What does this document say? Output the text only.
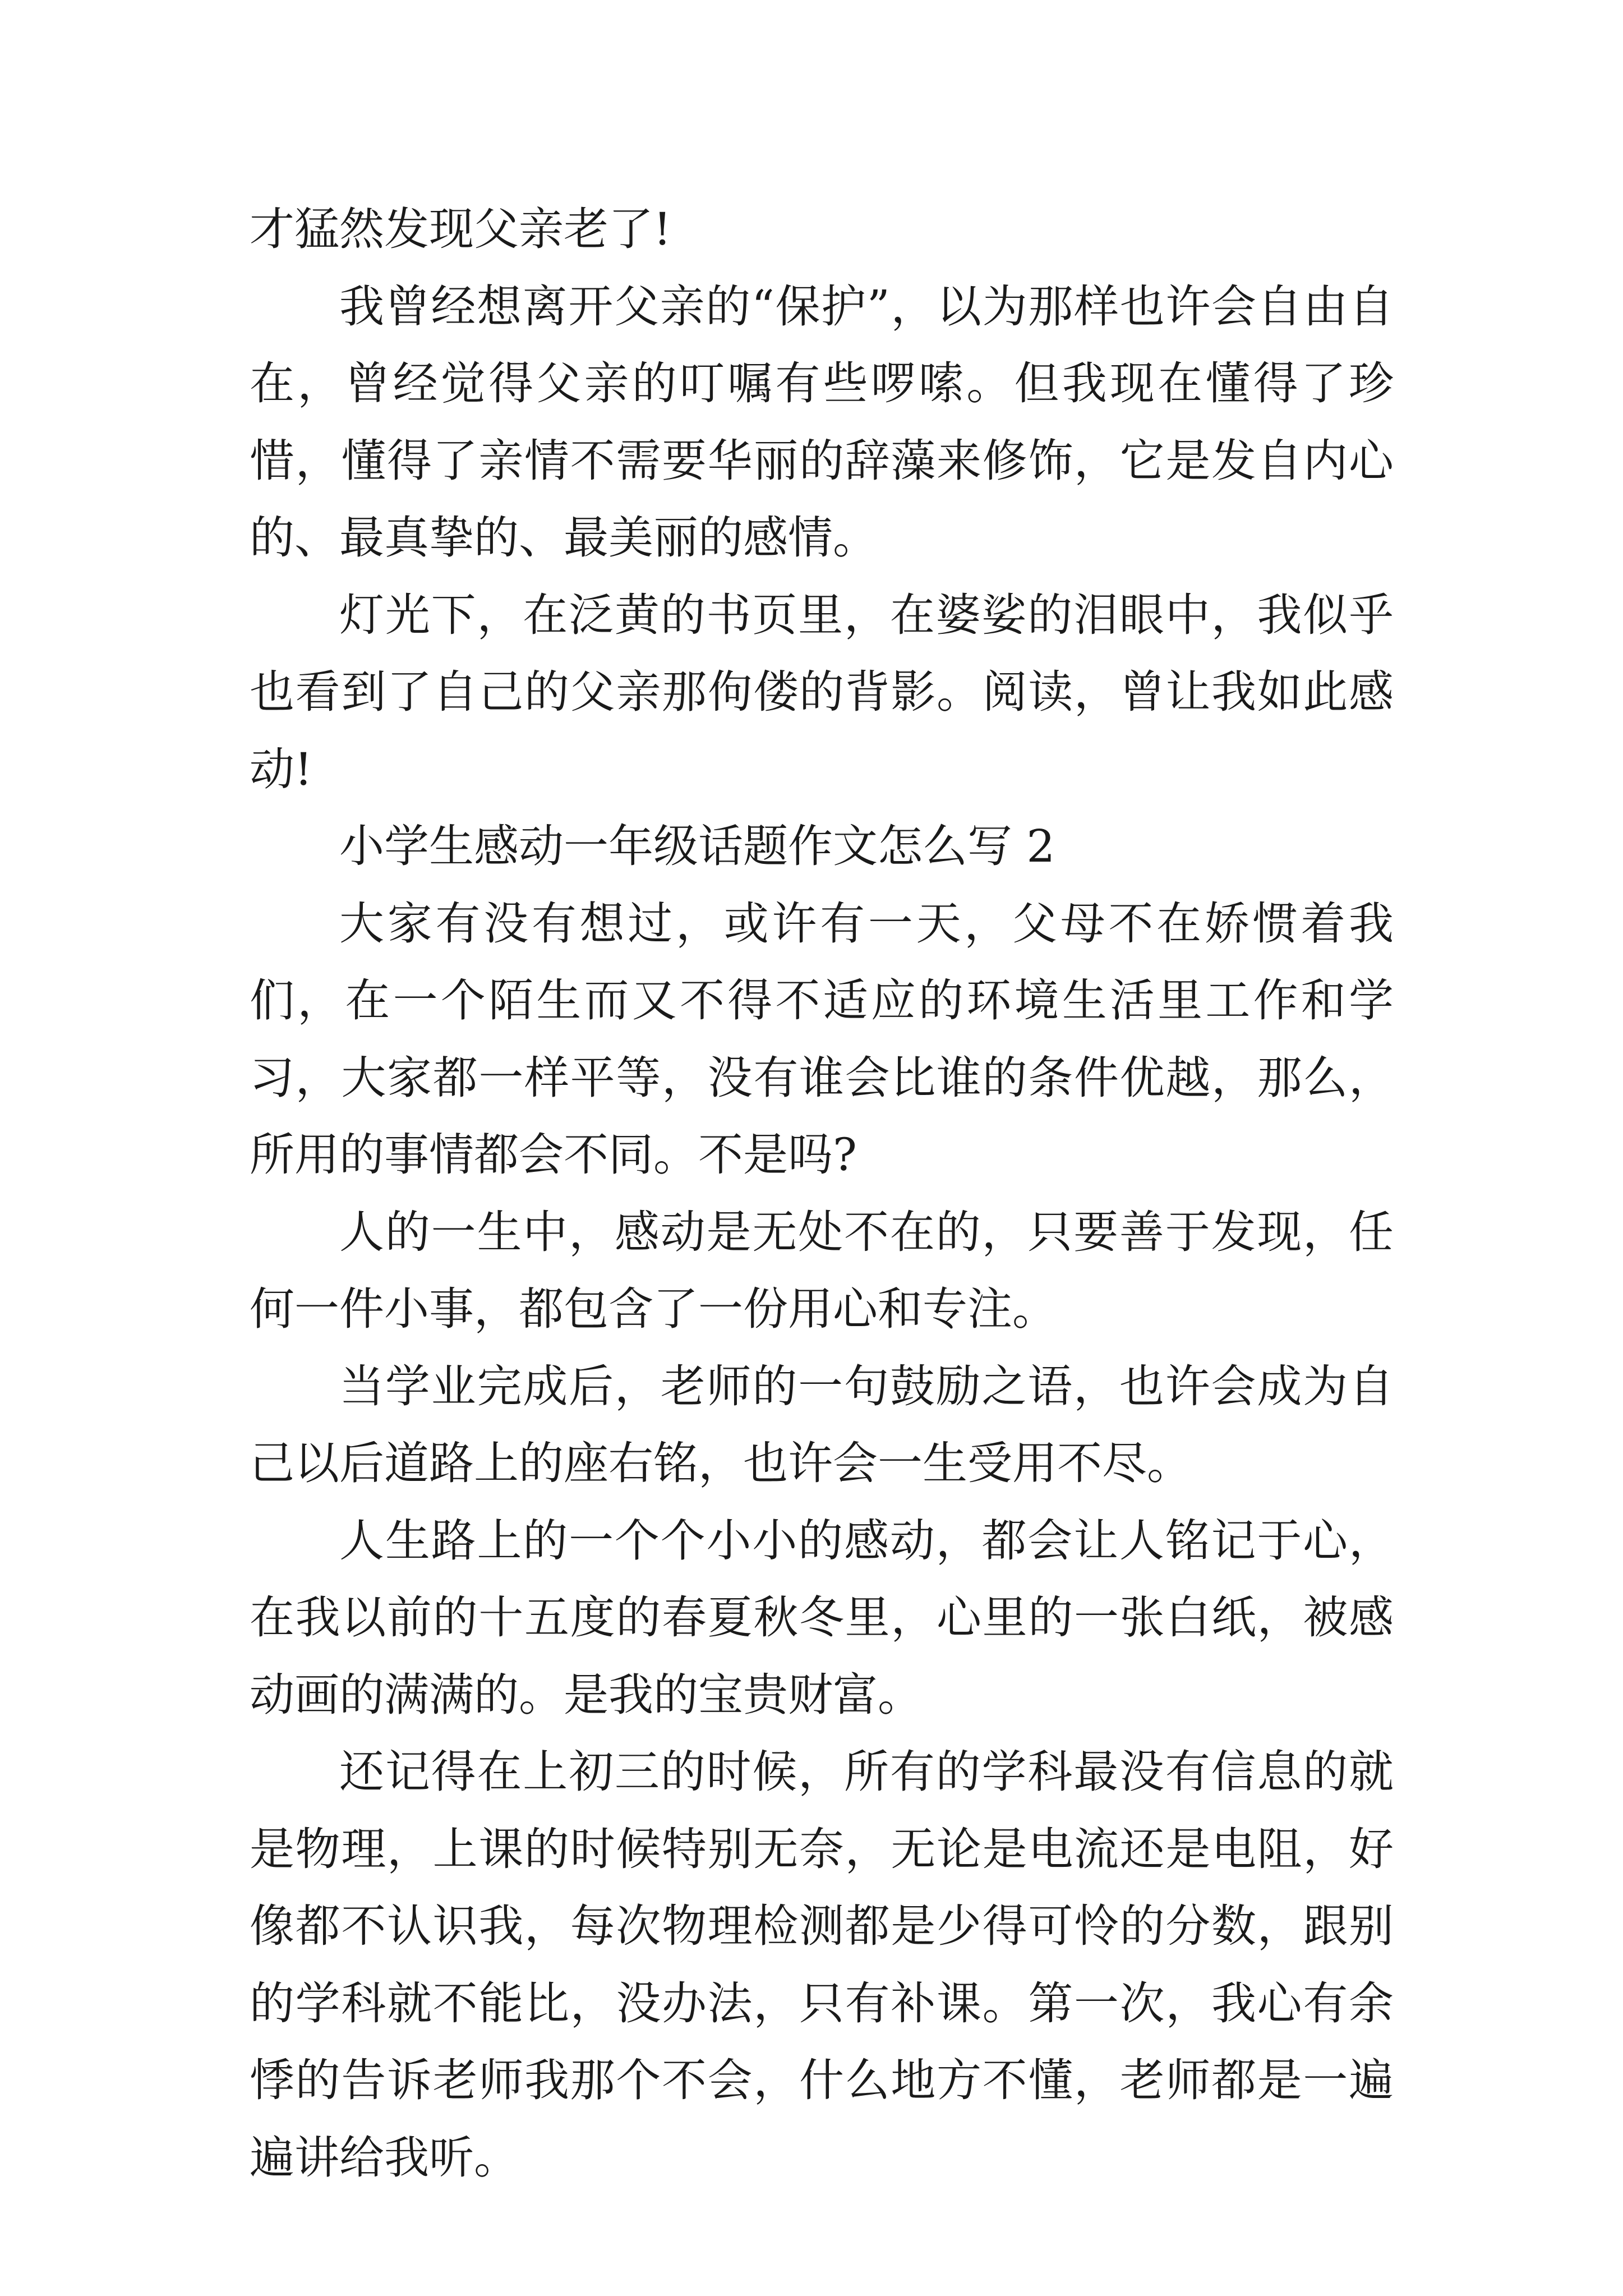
才猛然发现父亲老了!

我曾经想离开父亲的“保护”，以为那样也许会自由自在，曾经觉得父亲的叮嘱有些啰嗦。但我现在懂得了珍惜，懂得了亲情不需要华丽的辞藻来修饰，它是发自内心的、最真挚的、最美丽的感情。

灯光下，在泛黄的书页里，在婆娑的泪眼中，我似乎也看到了自己的父亲那佝偻的背影。阅读，曾让我如此感动!

小学生感动一年级话题作文怎么写 2

大家有没有想过，或许有一天，父母不在娇惯着我们，在一个陌生而又不得不适应的环境生活里工作和学习，大家都一样平等，没有谁会比谁的条件优越，那么，所用的事情都会不同。不是吗?

人的一生中，感动是无处不在的，只要善于发现，任何一件小事，都包含了一份用心和专注。

当学业完成后，老师的一句鼓励之语，也许会成为自己以后道路上的座右铭，也许会一生受用不尽。

人生路上的一个个小小的感动，都会让人铭记于心，在我以前的十五度的春夏秋冬里，心里的一张白纸，被感动画的满满的。是我的宝贵财富。

还记得在上初三的时候，所有的学科最没有信息的就是物理，上课的时候特别无奈，无论是电流还是电阻，好像都不认识我，每次物理检测都是少得可怜的分数，跟别的学科就不能比，没办法，只有补课。第一次，我心有余悸的告诉老师我那个不会，什么地方不懂，老师都是一遍遍讲给我听。
